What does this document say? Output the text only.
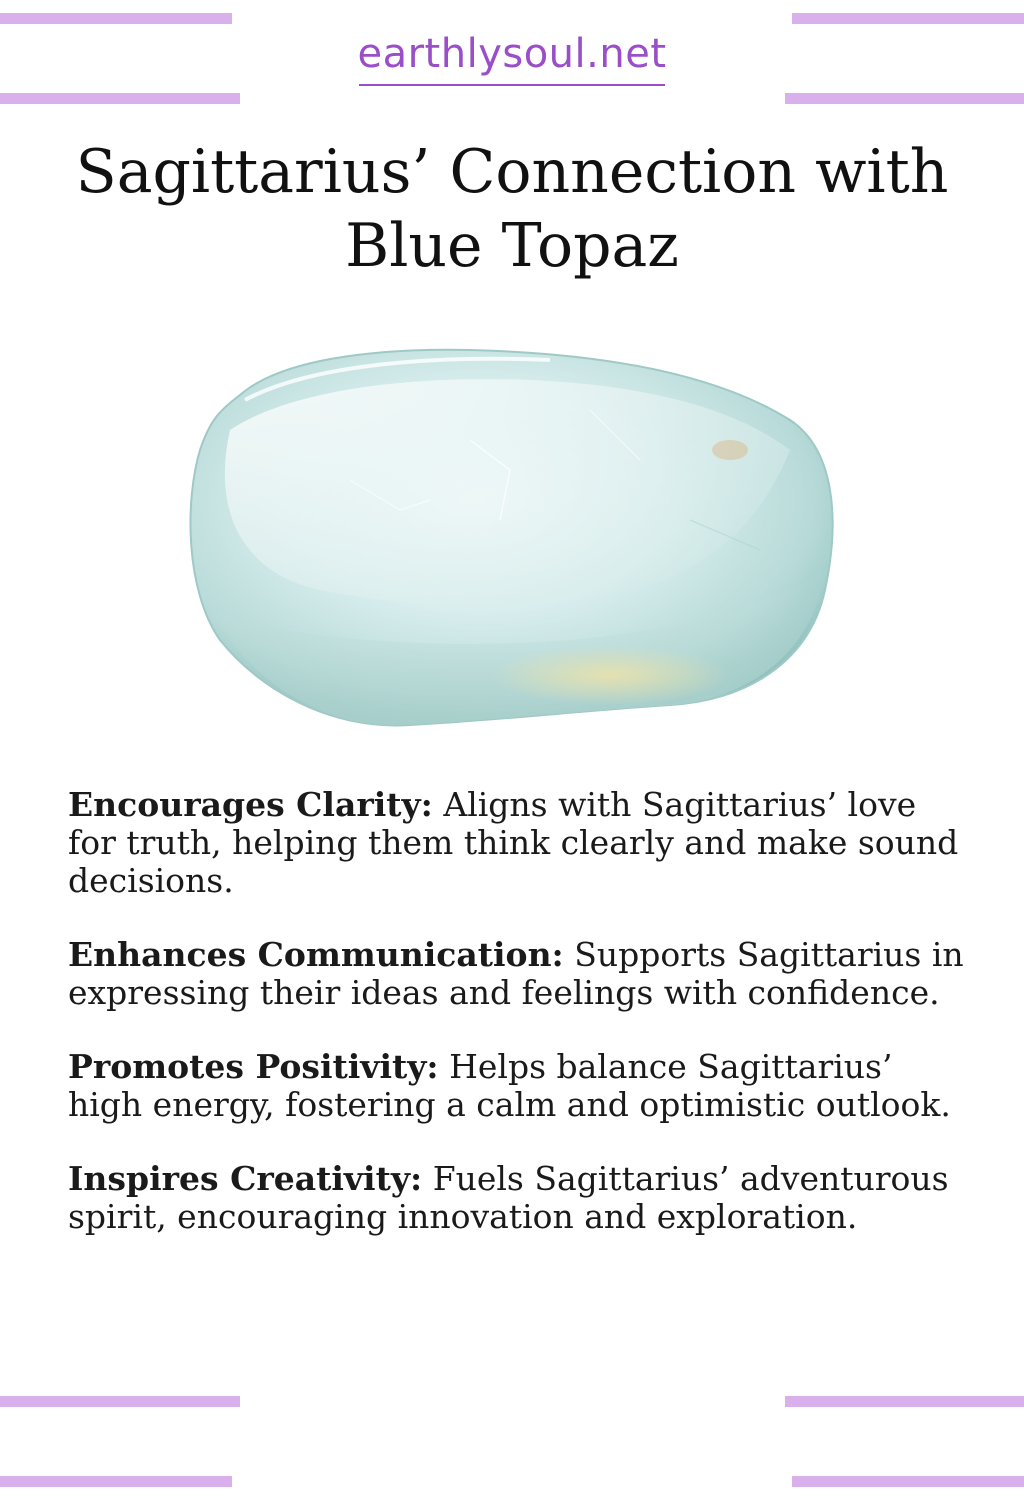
earthlysoul.net
Sagittarius’ Connection with
Blue Topaz
Encourages Clarity: Aligns with Sagittarius’ love for truth, helping them think clearly and make sound decisions.
Enhances Communication: Supports Sagittarius in expressing their ideas and feelings with confidence.
Promotes Positivity: Helps balance Sagittarius’ high energy, fostering a calm and optimistic outlook.
Inspires Creativity: Fuels Sagittarius’ adventurous spirit, encouraging innovation and exploration.
